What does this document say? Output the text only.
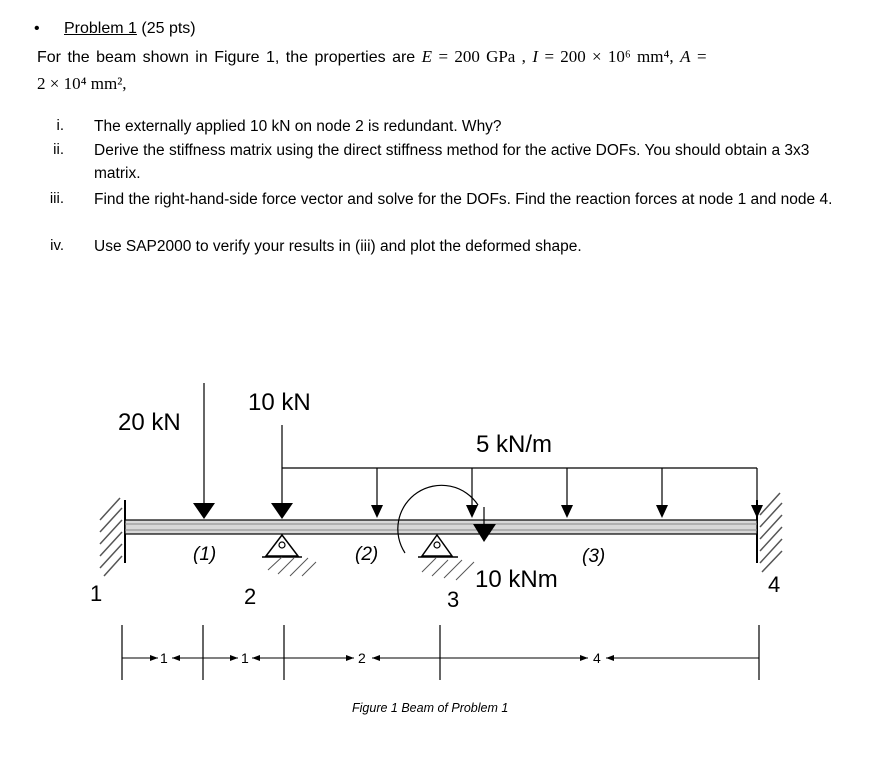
• Problem 1 (25 pts)
For the beam shown in Figure 1, the properties are E = 200 GPa , I = 200 × 10⁶ mm⁴, A =
2 × 10⁴ mm²,
i. The externally applied 10 kN on node 2 is redundant. Why?
ii. Derive the stiffness matrix using the direct stiffness method for the active DOFs. You should obtain a 3x3 matrix.
iii. Find the right-hand-side force vector and solve for the DOFs. Find the reaction forces at node 1 and node 4.
iv. Use SAP2000 to verify your results in (iii) and plot the deformed shape.
20 kN
10 kN
5 kN/m
10 kNm
(1)	(2)	(3)
1	2	3
4
1	1	2	4
Figure 1 Beam of Problem 1
